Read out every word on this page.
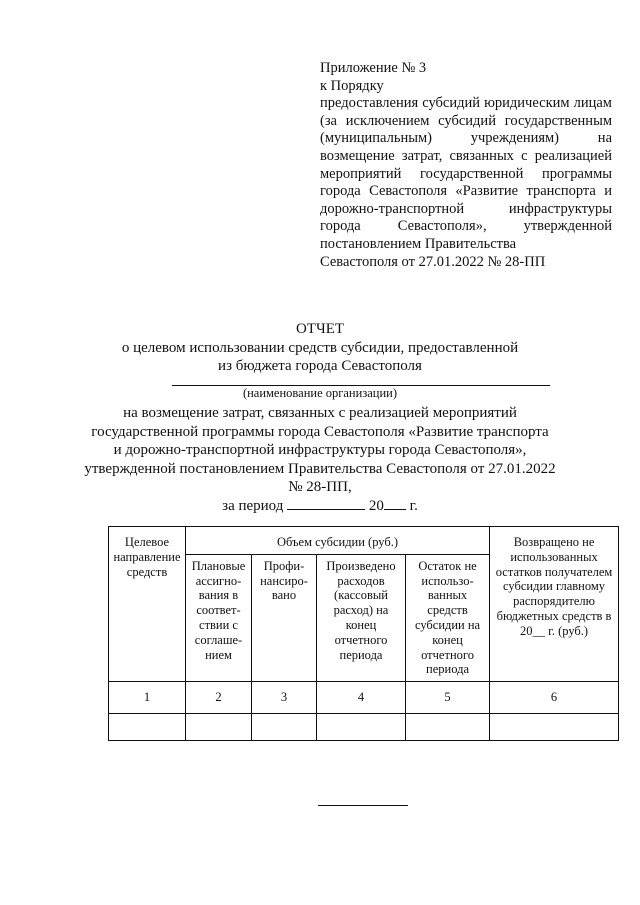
Приложение № 3
к Порядку
предоставления субсидий юридическим лицам (за исключением субсидий государственным (муниципальным) учреждениям) на возмещение затрат, связанных с реализацией мероприятий государственной программы города Севастополя «Развитие транспорта и дорожно-транспортной инфраструктуры города Севастополя», утвержденной постановлением Правительства
Севастополя от 27.01.2022 № 28-ПП
ОТЧЕТ
о целевом использовании средств субсидии, предоставленной
из бюджета города Севастополя
(наименование организации)
на возмещение затрат, связанных с реализацией мероприятий
государственной программы города Севастополя «Развитие транспорта
и дорожно-транспортной инфраструктуры города Севастополя»,
утвержденной постановлением Правительства Севастополя от 27.01.2022
№ 28-ПП,
за период	20 г.
Целевое направление средств	Объем субсидии (руб.)				Возвращено не использованных остатков получателем субсидии главному распорядителю бюджетных средств в 20__ г. (руб.)
	Плановые ассигно-вания в соответ-ствии с соглаше-нием	Профи-нансиро-вано	Произведено расходов (кассовый расход) на конец отчетного периода	Остаток не использо-ванных средств субсидии на конец отчетного периода	
1	2	3	4	5	6
